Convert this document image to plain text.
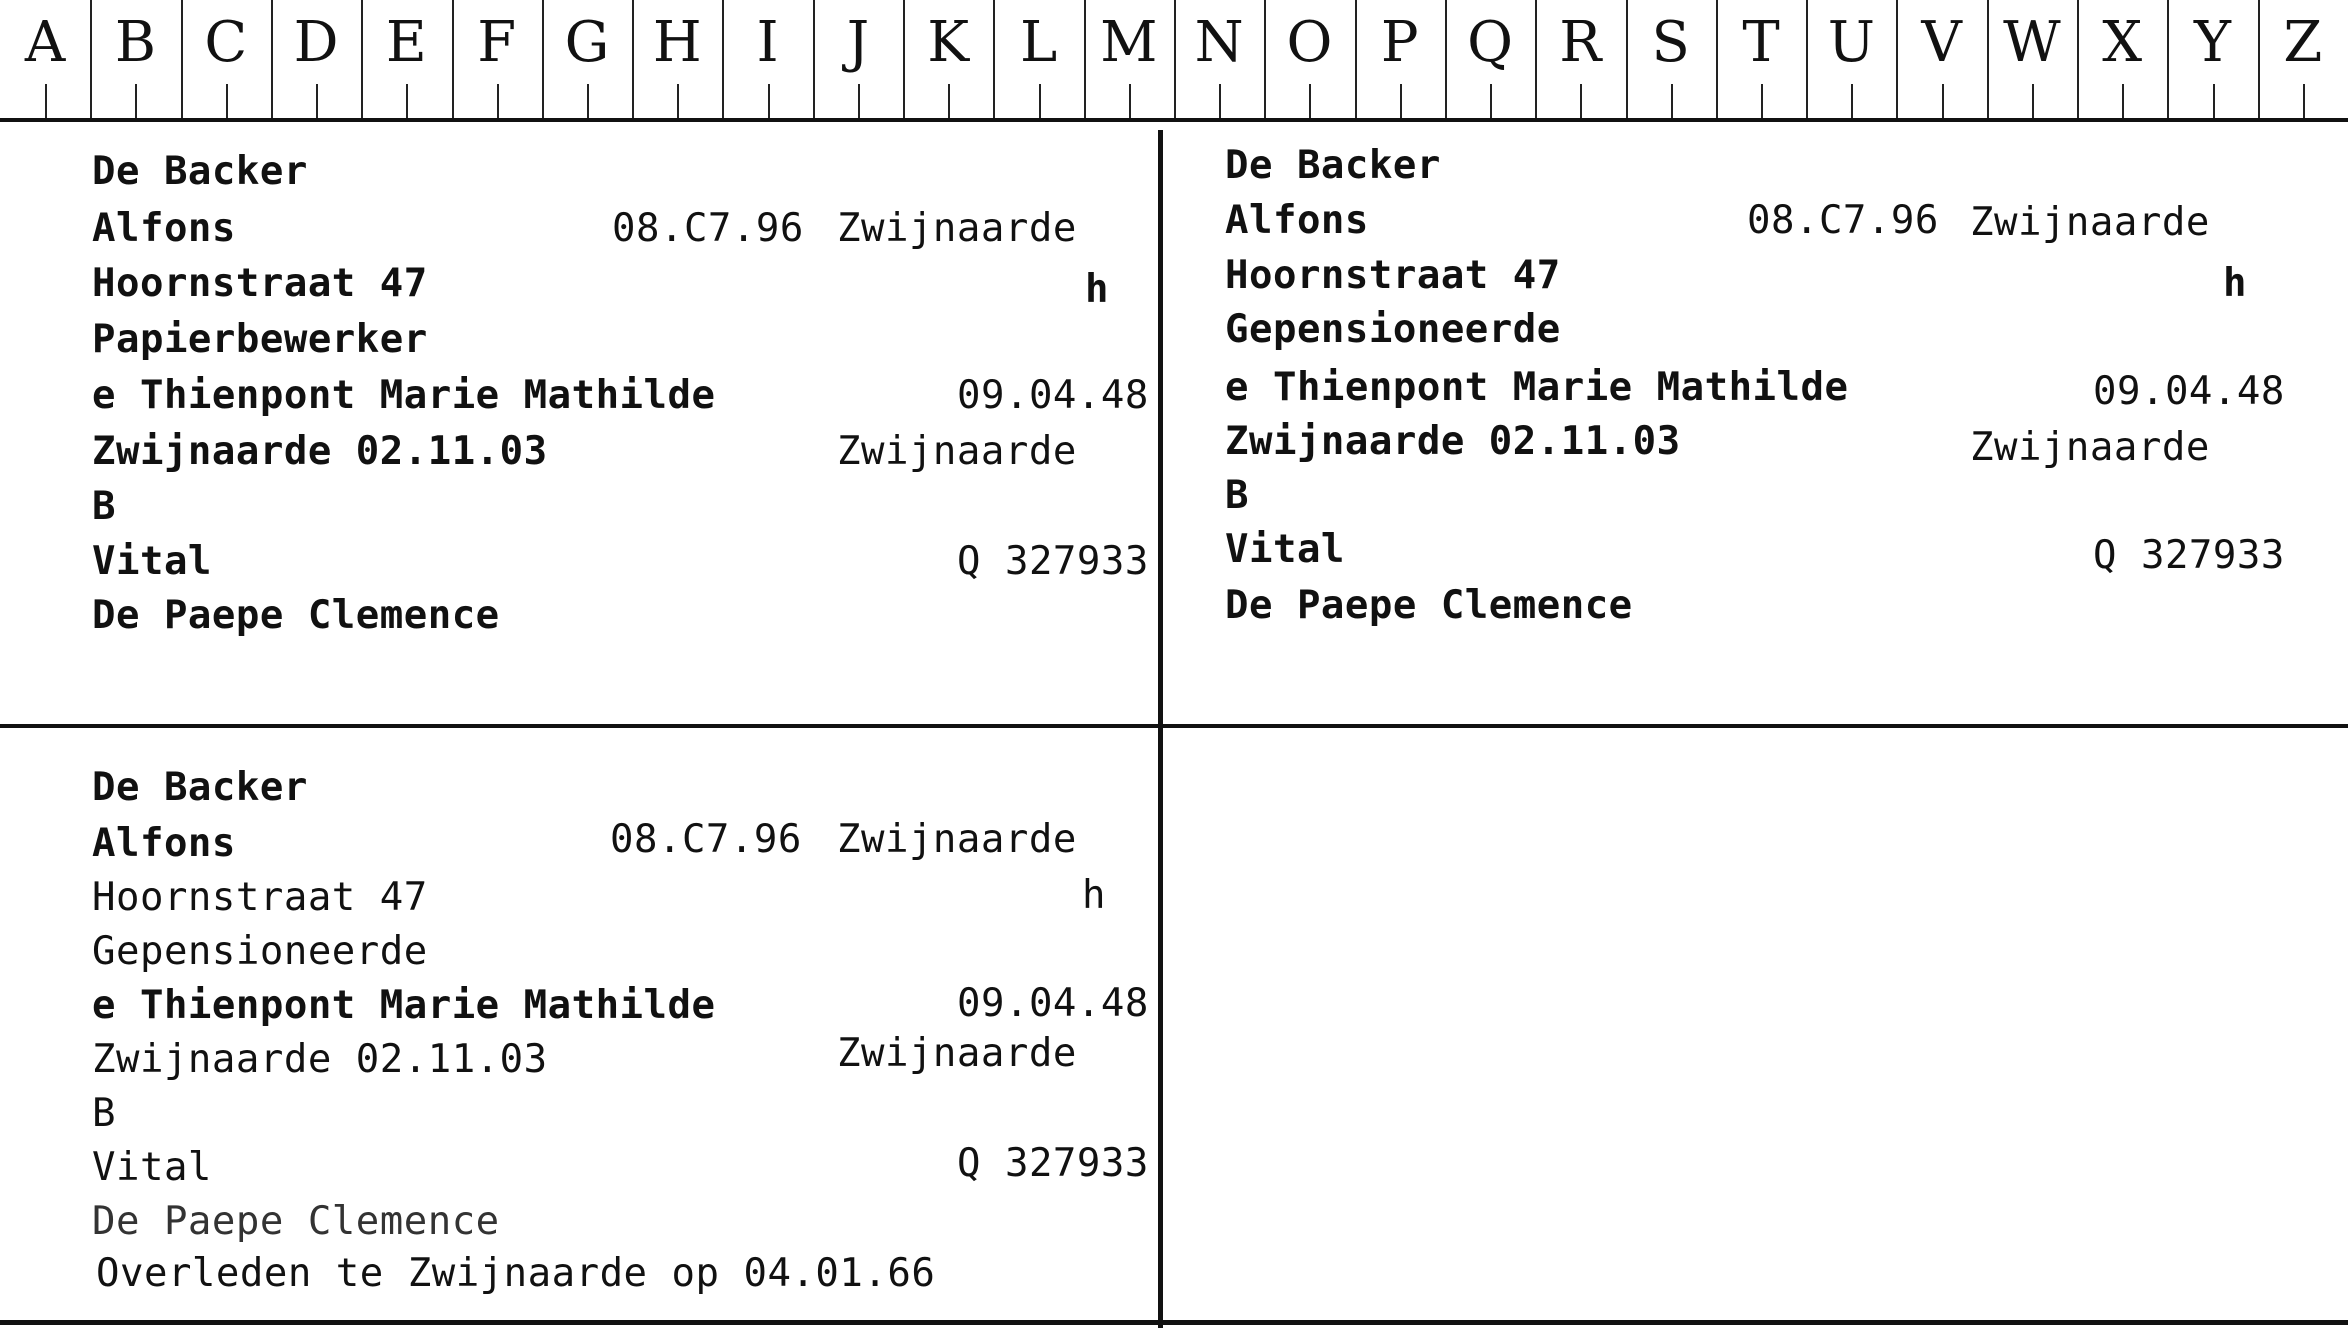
A B C D E F G H I J K L M N O P Q R S T U V W X Y Z
De Backer
Alfons	08.C7.96 Zwijnaarde
Hoornstraat 47	h
Papierbewerker
e Thienpont Marie Mathilde	09.04.48
Zwijnaarde 02.11.03	Zwijnaarde
B
Vital	Q 327933
De Paepe Clemence
De Backer
Alfons	08.C7.96 Zwijnaarde
Hoornstraat 47	h
Gepensioneerde
e Thienpont Marie Mathilde	09.04.48
Zwijnaarde 02.11.03	Zwijnaarde
B
Vital	Q 327933
De Paepe Clemence
De Backer
Alfons	08.C7.96 Zwijnaarde
Hoornstraat 47	h
Gepensioneerde
e Thienpont Marie Mathilde	09.04.48
Zwijnaarde 02.11.03	Zwijnaarde
B
Vital	Q 327933
De Paepe Clemence
Overleden te Zwijnaarde op 04.01.66
